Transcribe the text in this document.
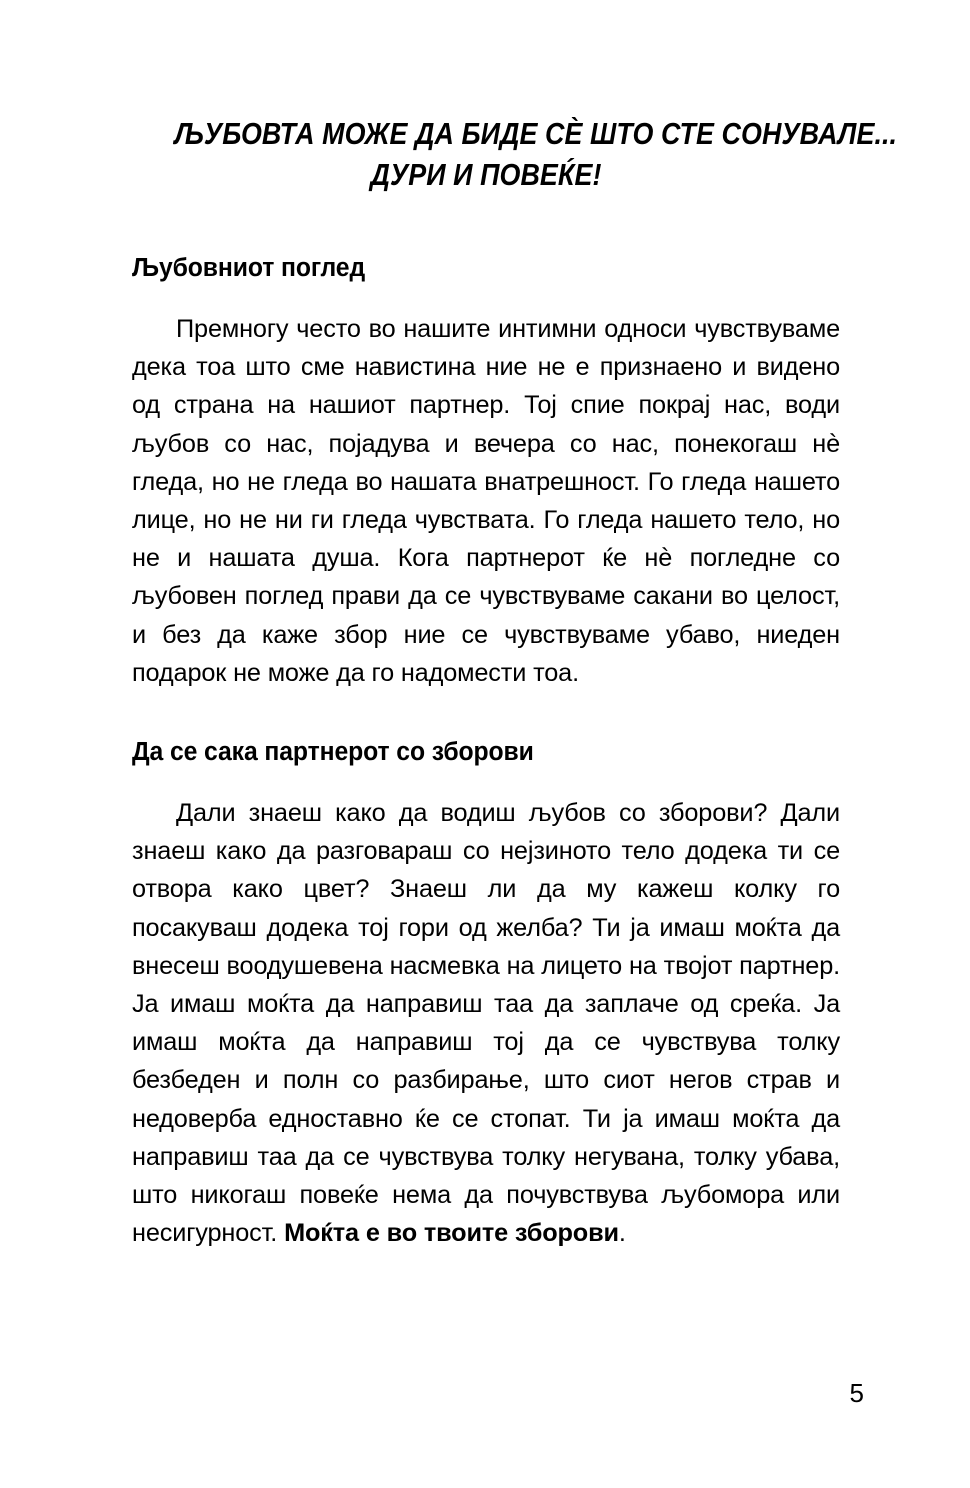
ЉУБОВТА МОЖЕ ДА БИДЕ СÈ ШТО СТЕ СОНУВАЛЕ...
ДУРИ И ПОВЕЌЕ!
Љубовниот поглед

Премногу често во нашите интимни односи чувствуваме дека тоа што сме навистина ние не е признаено и видено од страна на нашиот партнер. Тој спие покрај нас, води љубов со нас, појадува и вечера со нас, понекогаш нè гледа, но не гледа во нашата внатрешност. Го гледа нашето лице, но не ни ги гледа чувствата. Го гледа нашето тело, но не и нашата душа. Кога партнерот ќе нè погледне со љубовен поглед прави да се чувствуваме сакани во целост, и без да каже збор ние се чувствуваме убаво, ниеден подарок не може да го надомести тоа.

Да се сака партнерот со зборови

Дали знаеш како да водиш љубов со зборови? Дали знаеш како да разговараш со нејзиното тело додека ти се отвора како цвет? Знаеш ли да му кажеш колку го посакуваш додека тој гори од желба? Ти ја имаш моќта да внесеш воодушевена насмевка на лицето на твојот партнер. Ја имаш моќта да направиш таа да заплаче од среќа. Ја имаш моќта да направиш тој да се чувствува толку безбеден и полн со разбирање, што сиот негов страв и недоверба едноставно ќе се стопат. Ти ја имаш моќта да направиш таа да се чувствува толку негувана, толку убава, што никогаш повеќе нема да почувствува љубомора или несигурност. Моќта е во твоите зборови.

5
